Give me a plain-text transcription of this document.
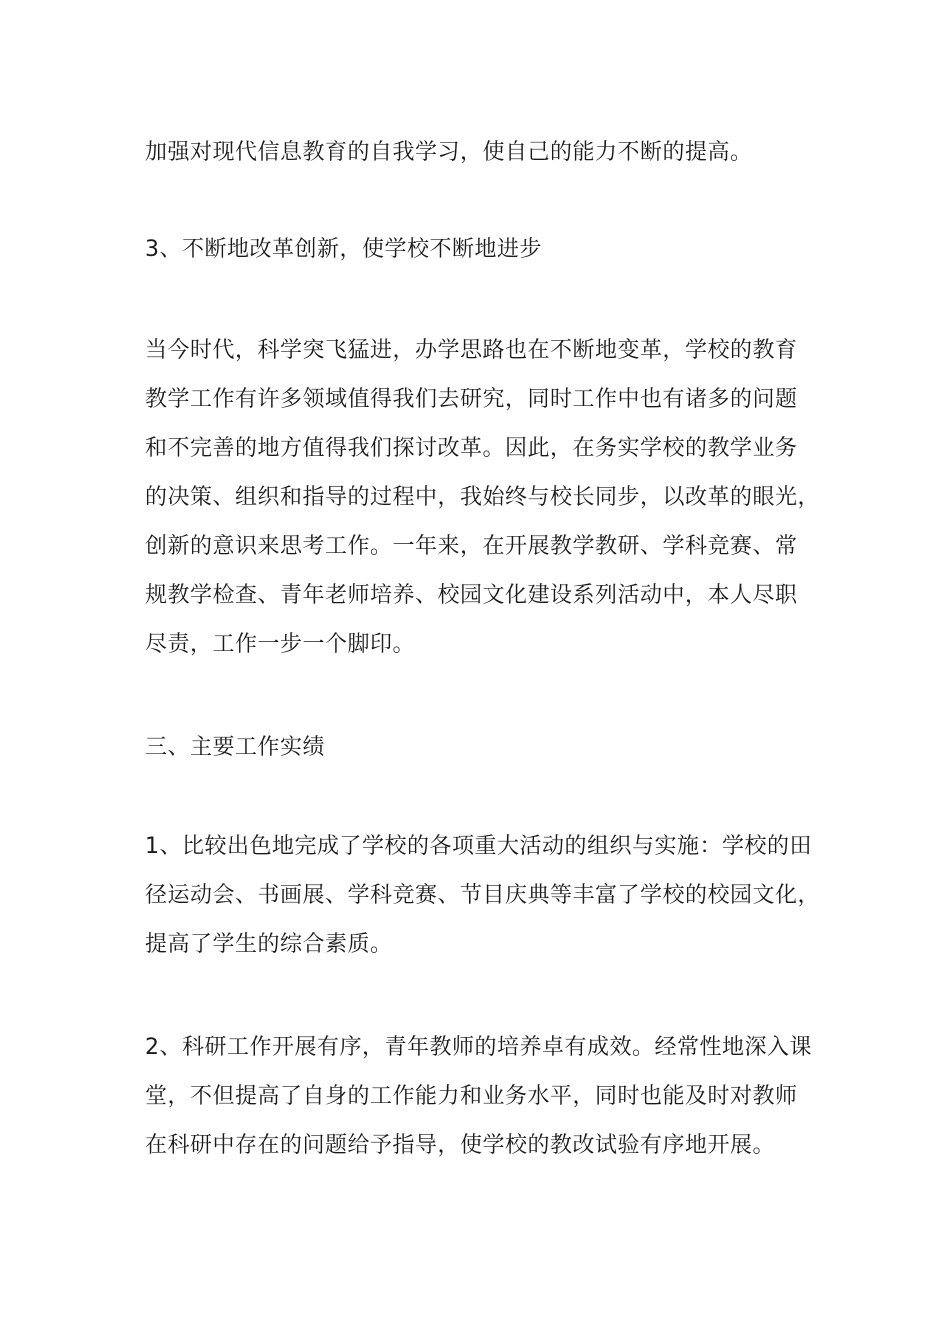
加强对现代信息教育的自我学习，使自己的能力不断的提高。

3、不断地改革创新，使学校不断地进步

当今时代，科学突飞猛进，办学思路也在不断地变革，学校的教育
教学工作有许多领域值得我们去研究，同时工作中也有诸多的问题
和不完善的地方值得我们探讨改革。因此，在务实学校的教学业务
的决策、组织和指导的过程中，我始终与校长同步，以改革的眼光，
创新的意识来思考工作。一年来，在开展教学教研、学科竞赛、常
规教学检查、青年老师培养、校园文化建设系列活动中，本人尽职
尽责，工作一步一个脚印。

三、主要工作实绩

1、比较出色地完成了学校的各项重大活动的组织与实施：学校的田
径运动会、书画展、学科竞赛、节目庆典等丰富了学校的校园文化，
提高了学生的综合素质。

2、科研工作开展有序，青年教师的培养卓有成效。经常性地深入课
堂，不但提高了自身的工作能力和业务水平，同时也能及时对教师
在科研中存在的问题给予指导，使学校的教改试验有序地开展。
